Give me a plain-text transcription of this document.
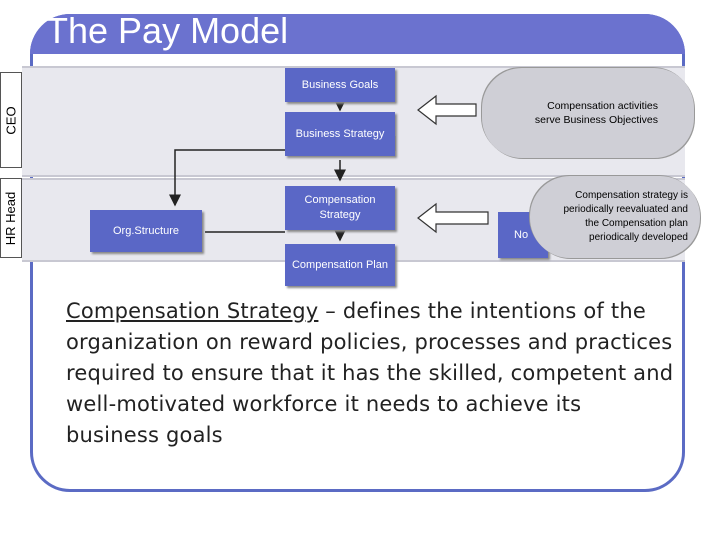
The Pay Model
CEO
HR Head
Business Goals
Business Strategy
Compensation Strategy
Compensation Plan
Org.Structure	No
Compensation activities serve Business Objectives
Compensation strategy is periodically reevaluated and the Compensation plan periodically developed
Compensation Strategy – defines the intentions of the organization on reward policies, processes and practices required to ensure that it has the skilled, competent and well-motivated workforce it needs to achieve its business goals
